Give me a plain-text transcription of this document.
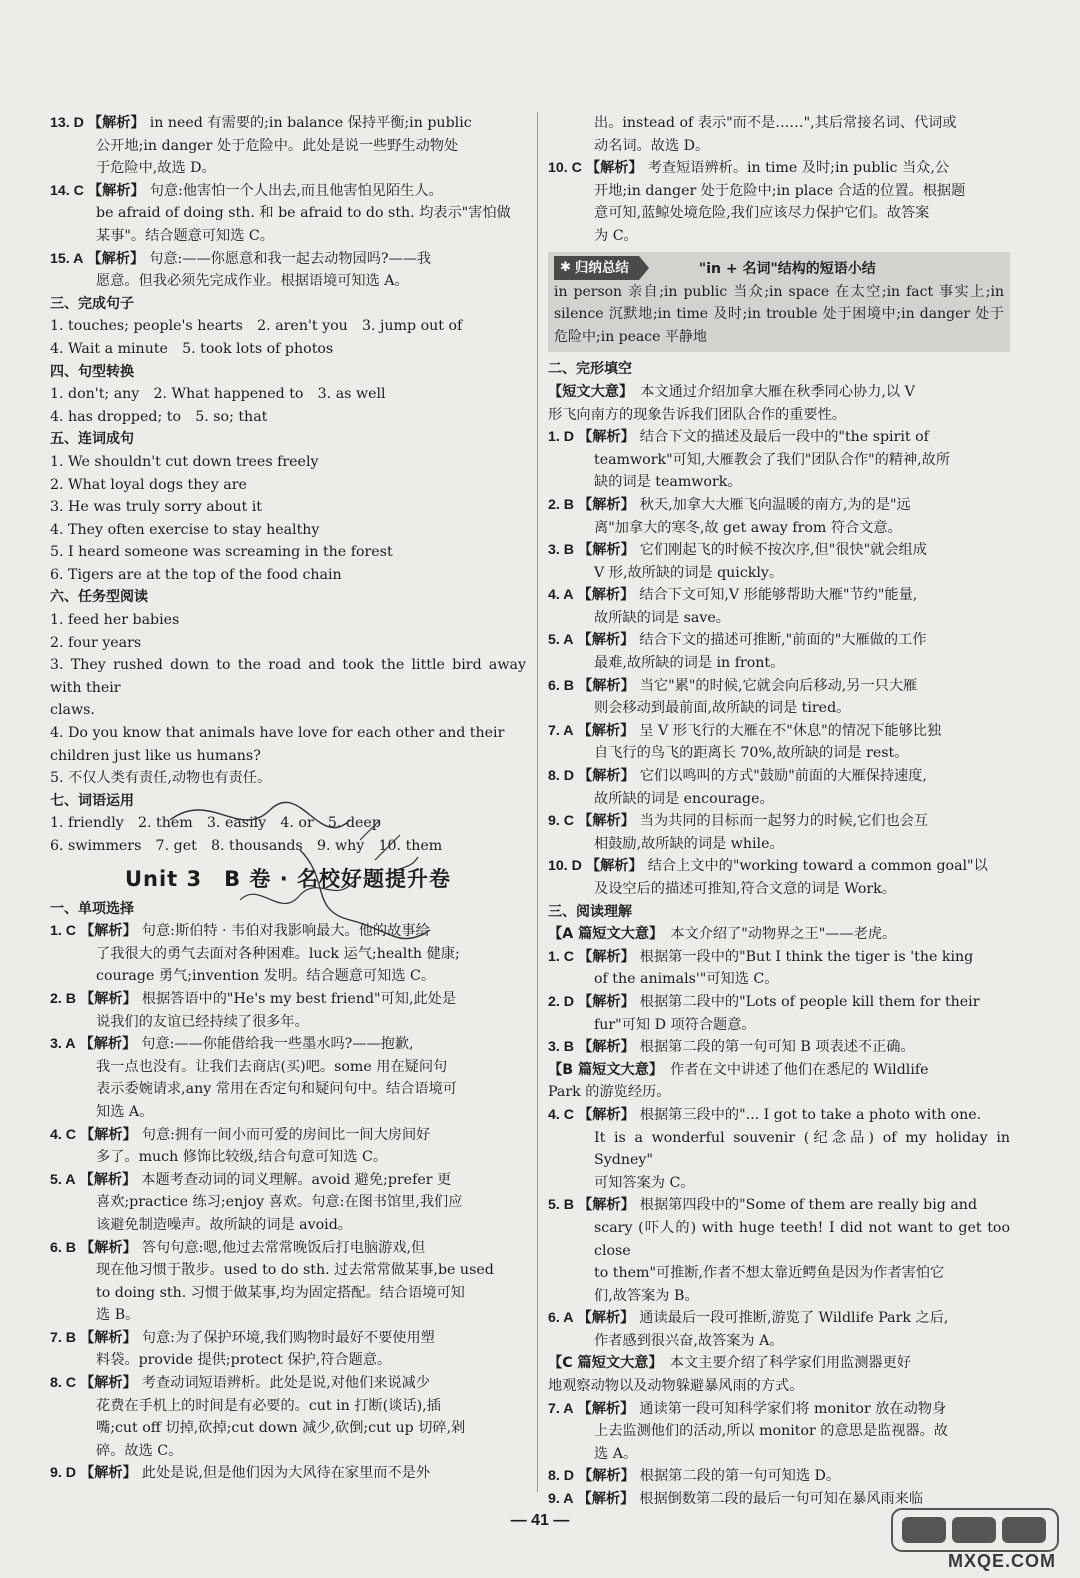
13. D 【解析】 in need 有需要的;in balance 保持平衡;in public

公开地;in danger 处于危险中。此处是说一些野生动物处

于危险中,故选 D。

14. C 【解析】 句意:他害怕一个人出去,而且他害怕见陌生人。

be afraid of doing sth. 和 be afraid to do sth. 均表示"害怕做

某事"。结合题意可知选 C。

15. A 【解析】 句意:——你愿意和我一起去动物园吗?——我

愿意。但我必须先完成作业。根据语境可知选 A。

三、完成句子

1. touches; people's hearts　2. aren't you　3. jump out of

4. Wait a minute　5. took lots of photos

四、句型转换

1. don't; any　2. What happened to　3. as well

4. has dropped; to　5. so; that

五、连词成句

1. We shouldn't cut down trees freely

2. What loyal dogs they are

3. He was truly sorry about it

4. They often exercise to stay healthy

5. I heard someone was screaming in the forest

6. Tigers are at the top of the food chain

六、任务型阅读

1. feed her babies

2. four years

3. They rushed down to the road and took the little bird away with their

claws.

4. Do you know that animals have love for each other and their

children just like us humans?

5. 不仅人类有责任,动物也有责任。

七、词语运用

1. friendly　2. them　3. easily　4. or　5. deep

6. swimmers　7. get　8. thousands　9. why　10. them

Unit 3　B 卷 · 名校好题提升卷

一、单项选择

1. C 【解析】 句意:斯伯特 · 韦伯对我影响最大。他的故事给

了我很大的勇气去面对各种困难。luck 运气;health 健康;

courage 勇气;invention 发明。结合题意可知选 C。

2. B 【解析】 根据答语中的"He's my best friend"可知,此处是

说我们的友谊已经持续了很多年。

3. A 【解析】 句意:——你能借给我一些墨水吗?——抱歉,

我一点也没有。让我们去商店(买)吧。some 用在疑问句

表示委婉请求,any 常用在否定句和疑问句中。结合语境可

知选 A。

4. C 【解析】 句意:拥有一间小而可爱的房间比一间大房间好

多了。much 修饰比较级,结合句意可知选 C。

5. A 【解析】 本题考查动词的词义理解。avoid 避免;prefer 更

喜欢;practice 练习;enjoy 喜欢。句意:在图书馆里,我们应

该避免制造噪声。故所缺的词是 avoid。

6. B 【解析】 答句句意:嗯,他过去常常晚饭后打电脑游戏,但

现在他习惯于散步。used to do sth. 过去常常做某事,be used

to doing sth. 习惯于做某事,均为固定搭配。结合语境可知

选 B。

7. B 【解析】 句意:为了保护环境,我们购物时最好不要使用塑

料袋。provide 提供;protect 保护,符合题意。

8. C 【解析】 考查动词短语辨析。此处是说,对他们来说减少

花费在手机上的时间是有必要的。cut in 打断(谈话),插

嘴;cut off 切掉,砍掉;cut down 减少,砍倒;cut up 切碎,剁

碎。故选 C。

9. D 【解析】 此处是说,但是他们因为大风待在家里而不是外

出。instead of 表示"而不是……",其后常接名词、代词或

动名词。故选 D。

10. C 【解析】 考查短语辨析。in time 及时;in public 当众,公

开地;in danger 处于危险中;in place 合适的位置。根据题

意可知,蓝鲸处境危险,我们应该尽力保护它们。故答案

为 C。

✱ 归纳总结	"in + 名词"结构的短语小结
in person 亲自;in public 当众;in space 在太空;in fact 事实上;in silence 沉默地;in time 及时;in trouble 处于困境中;in danger 处于危险中;in peace 平静地

二、完形填空

【短文大意】　 本文通过介绍加拿大雁在秋季同心协力,以 V

形飞向南方的现象告诉我们团队合作的重要性。

1. D 【解析】 结合下文的描述及最后一段中的"the spirit of

teamwork"可知,大雁教会了我们"团队合作"的精神,故所

缺的词是 teamwork。

2. B 【解析】 秋天,加拿大大雁飞向温暖的南方,为的是"远

离"加拿大的寒冬,故 get away from 符合文意。

3. B 【解析】 它们刚起飞的时候不按次序,但"很快"就会组成

V 形,故所缺的词是 quickly。

4. A 【解析】 结合下文可知,V 形能够帮助大雁"节约"能量,

故所缺的词是 save。

5. A 【解析】 结合下文的描述可推断,"前面的"大雁做的工作

最难,故所缺的词是 in front。

6. B 【解析】 当它"累"的时候,它就会向后移动,另一只大雁

则会移动到最前面,故所缺的词是 tired。

7. A 【解析】 呈 V 形飞行的大雁在不"休息"的情况下能够比独

自飞行的鸟飞的距离长 70%,故所缺的词是 rest。

8. D 【解析】 它们以鸣叫的方式"鼓励"前面的大雁保持速度,

故所缺的词是 encourage。

9. C 【解析】 当为共同的目标而一起努力的时候,它们也会互

相鼓励,故所缺的词是 while。

10. D 【解析】 结合上文中的"working toward a common goal"以

及设空后的描述可推知,符合文意的词是 Work。

三、阅读理解

【A 篇短文大意】　 本文介绍了"动物界之王"——老虎。

1. C 【解析】 根据第一段中的"But I think the tiger is 'the king

of the animals'"可知选 C。

2. D 【解析】 根据第二段中的"Lots of people kill them for their

fur"可知 D 项符合题意。

3. B 【解析】 根据第二段的第一句可知 B 项表述不正确。

【B 篇短文大意】　 作者在文中讲述了他们在悉尼的 Wildlife

Park 的游览经历。

4. C 【解析】 根据第三段中的"... I got to take a photo with one.

It is a wonderful souvenir (纪念品) of my holiday in Sydney"

可知答案为 C。

5. B 【解析】 根据第四段中的"Some of them are really big and

scary (吓人的) with huge teeth! I did not want to get too close

to them"可推断,作者不想太靠近鳄鱼是因为作者害怕它

们,故答案为 B。

6. A 【解析】 通读最后一段可推断,游览了 Wildlife Park 之后,

作者感到很兴奋,故答案为 A。

【C 篇短文大意】　 本文主要介绍了科学家们用监测器更好

地观察动物以及动物躲避暴风雨的方式。

7. A 【解析】 通读第一段可知科学家们将 monitor 放在动物身

上去监测他们的活动,所以 monitor 的意思是监视器。故

选 A。

8. D 【解析】 根据第二段的第一句可知选 D。

9. A 【解析】 根据倒数第二段的最后一句可知在暴风雨来临

— 41 —
MXQE.COM
